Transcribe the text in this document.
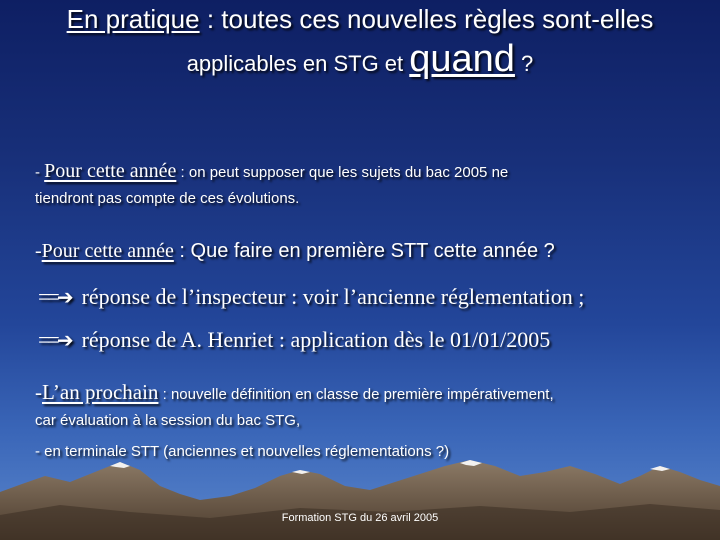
En pratique : toutes ces nouvelles règles sont-elles
applicables en STG et quand ?
- Pour cette année : on peut supposer que les sujets du bac 2005 ne
tiendront pas compte de ces évolutions.
-Pour cette année : Que faire en première STT cette année ?
==➔ réponse de l’inspecteur : voir l’ancienne réglementation ;
==➔ réponse de A. Henriet : application dès le 01/01/2005
-L’an prochain : nouvelle définition en classe de première impérativement,
car évaluation à la session du bac STG,
- en terminale STT (anciennes et nouvelles réglementations ?)
Formation STG du 26 avril 2005
